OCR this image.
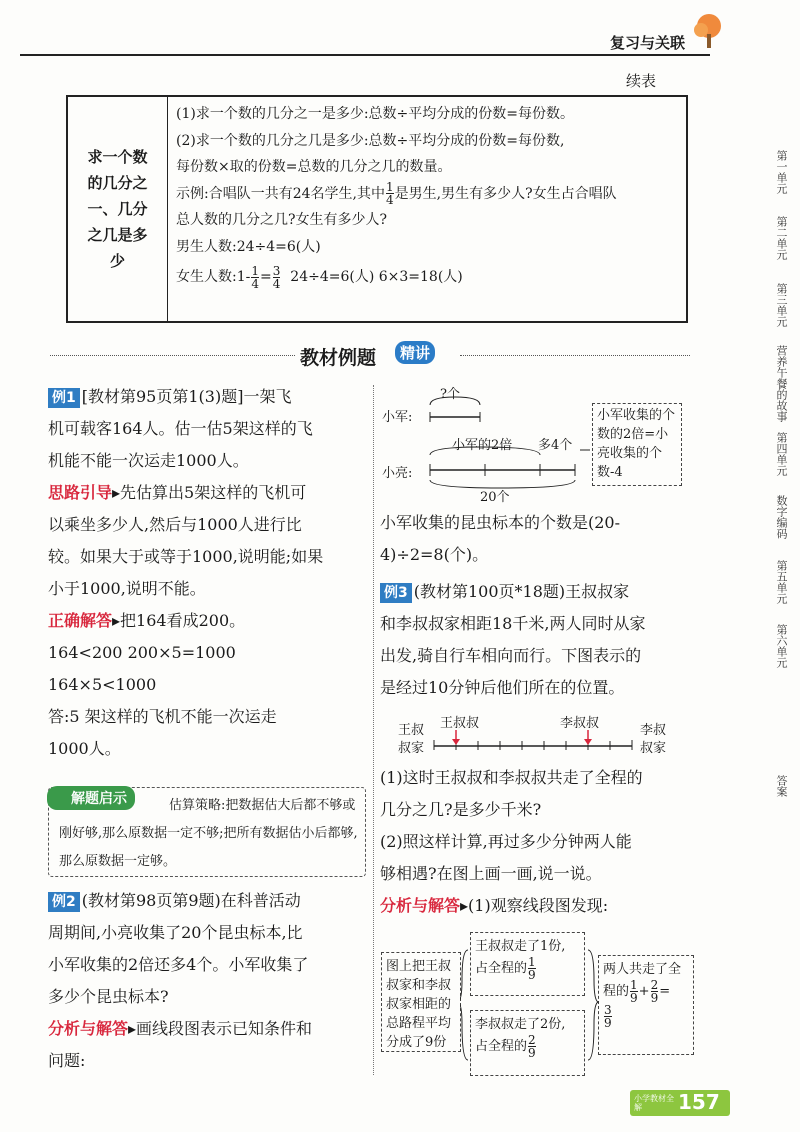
复习与关联
续表
求一个数的几分之一、几分之几是多少
(1)求一个数的几分之一是多少:总数÷平均分成的份数=每份数。
(2)求一个数的几分之几是多少:总数÷平均分成的份数=每份数,
每份数×取的份数=总数的几分之几的数量。
示例:合唱队一共有24名学生,其中 $\frac{1}{4}$ 是男生,男生有多少人?女生占合唱队
总人数的几分之几?女生有多少人?
男生人数:24÷4=6(人)
女生人数:1- $\frac{1}{4} = \frac{3}{4} 24\div 4=6$(人) 6×3=18(人)
教材例题	精讲
例1 [教材第95页第1(3)题]一架飞
机可载客164人。估一估5架这样的飞
机能不能一次运走1000人。
思路引导▸先估算出5架这样的飞机可
以乘坐多少人,然后与1000人进行比
较。如果大于或等于1000,说明能;如果
小于1000,说明不能。
正确解答▸把164看成200。
164<200 200×5=1000
164×5<1000
答:5 架这样的飞机不能一次运走
1000人。
解题启示	估算策略:把数据估大后都不够或刚好够,那么原数据一定不够;把所有数据估小后都够,那么原数据一定够。
例2 (教材第98页第9题)在科普活动
周期间,小亮收集了20个昆虫标本,比
小军收集的2倍还多4个。小军收集了
多少个昆虫标本?
分析与解答▸画线段图表示已知条件和
问题:
?个
小军:
小亮:
小军的2倍 多4个
20个
小军收集的个数的2倍=小亮收集的个数-4
小军收集的昆虫标本的个数是(20-
4)÷2=8(个)。
例3 (教材第100页*18题)王叔叔家
和李叔叔家相距18千米,两人同时从家
出发,骑自行车相向而行。下图表示的
是经过10分钟后他们所在的位置。
王叔叔家
王叔叔	李叔叔	李叔叔家
(1)这时王叔叔和李叔叔共走了全程的
几分之几?是多少千米?
(2)照这样计算,再过多少分钟两人能
够相遇?在图上画一画,说一说。
分析与解答▸(1)观察线段图发现:
图上把王叔叔家和李叔叔家相距的总路程平均分成了9份
王叔叔走了1份,
占全程的 $\frac{1}{9}$
李叔叔走了2份,
占全程的 $\frac{2}{9}$
两人共走了全
程的 $\frac{1}{9} + \frac{2}{9}$ =
$\frac{3}{9}$
第一单元
第二单元
第三单元
营养午餐的故事
第四单元
数字编码
第五单元
第六单元
答案
小学教材全解	157
